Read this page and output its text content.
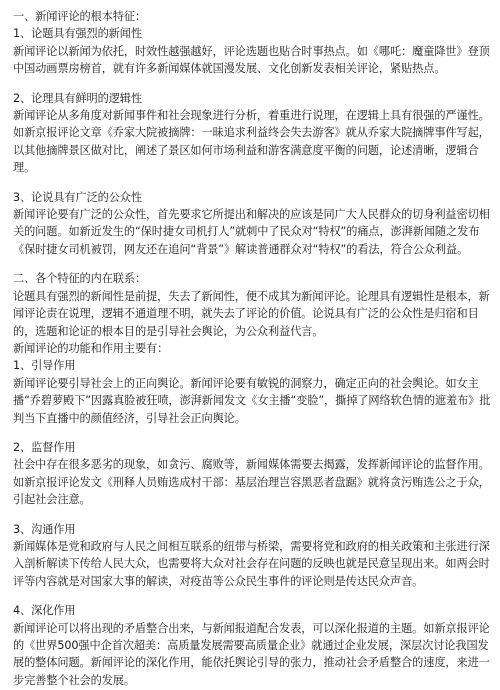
一、新闻评论的根本特征：

1、论题具有强烈的新闻性

新闻评论以新闻为依托，时效性越强越好，评论选题也贴合时事热点。如《哪吒：魔童降世》登顶中国动画票房榜首，就有许多新闻媒体就国漫发展、文化创新发表相关评论，紧贴热点。

2、论理具有鲜明的逻辑性

新闻评论从多角度对新闻事件和社会现象进行分析，着重进行说理，在逻辑上具有很强的严谨性。如新京报评论文章《乔家大院被摘牌：一昧追求利益终会失去游客》就从乔家大院摘牌事件写起，以其他摘牌景区做对比，阐述了景区如何市场利益和游客满意度平衡的问题，论述清晰，逻辑合理。

3、论说具有广泛的公众性

新闻评论要有广泛的公众性，首先要求它所提出和解决的应该是同广大人民群众的切身利益密切相关的问题。如新近发生的“保时捷女司机打人”就刺中了民众对“特权”的痛点，澎湃新闻随之发布《保时捷女司机被罚，网友还在追问“背景”》解读普通群众对“特权”的看法，符合公众利益。

二、各个特征的内在联系：

论题具有强烈的新闻性是前提，失去了新闻性，便不成其为新闻评论。论理具有逻辑性是根本，新闻评论责在说理，逻辑不通道理不明，就失去了评论的价值。论说具有广泛的公众性是归宿和目的，选题和论证的根本目的是引导社会舆论，为公众利益代言。

新闻评论的功能和作用主要有：

1、引导作用

新闻评论要引导社会上的正向舆论。新闻评论要有敏锐的洞察力，确定正向的社会舆论。如女主播“乔碧萝殿下”因露真脸被狂喷，澎湃新闻发文《女主播“变脸”，撕掉了网络软色情的遮羞布》批判当下直播中的颜值经济，引导社会正向舆论。

2、监督作用

社会中存在很多恶劣的现象，如贪污、腐败等，新闻媒体需要去揭露，发挥新闻评论的监督作用。如新京报评论发文《刑释人员贿选成村干部：基层治理岂容黑恶者盘踞》就将贪污贿选公之于众，引起社会注意。

3、沟通作用

新闻媒体是党和政府与人民之间相互联系的纽带与桥梁，需要将党和政府的相关政策和主张进行深入剖析解读下传给人民大众，也需要将大众对社会存在问题的反映也就是民意呈现出来。如两会时评等内容就是对国家大事的解读，对疫苗等公众民生事件的评论则是传达民众声音。

4、深化作用

新闻评论可以将出现的矛盾整合出来，与新闻报道配合发表，可以深化报道的主题。如新京报评论的《世界500强中企首次超美：高质量发展需要高质量企业》就通过企业发展，深层次讨论我国发展的整体问题。新闻评论的深化作用，能依托舆论引导的张力，推动社会矛盾整合的速度，来进一步完善整个社会的发展。
